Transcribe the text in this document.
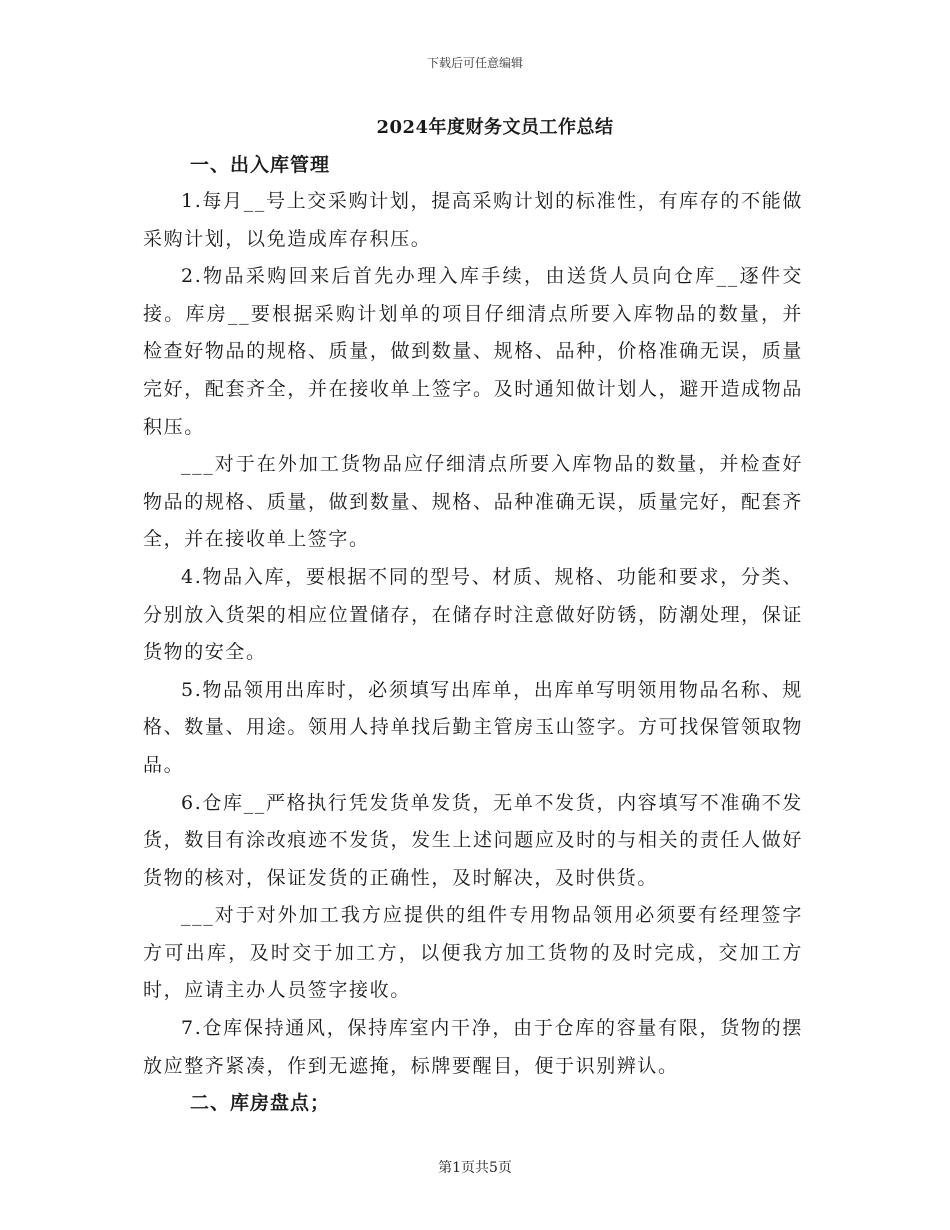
下载后可任意编辑
2024年度财务文员工作总结
一、出入库管理

1.每月__号上交采购计划，提高采购计划的标准性，有库存的不能做采购计划，以免造成库存积压。

2.物品采购回来后首先办理入库手续，由送货人员向仓库__逐件交接。库房__要根据采购计划单的项目仔细清点所要入库物品的数量，并检查好物品的规格、质量，做到数量、规格、品种，价格准确无误，质量完好，配套齐全，并在接收单上签字。及时通知做计划人，避开造成物品积压。

___对于在外加工货物品应仔细清点所要入库物品的数量，并检查好物品的规格、质量，做到数量、规格、品种准确无误，质量完好，配套齐全，并在接收单上签字。

4.物品入库，要根据不同的型号、材质、规格、功能和要求，分类、分别放入货架的相应位置储存，在储存时注意做好防锈，防潮处理，保证货物的安全。

5.物品领用出库时，必须填写出库单，出库单写明领用物品名称、规格、数量、用途。领用人持单找后勤主管房玉山签字。方可找保管领取物品。

6.仓库__严格执行凭发货单发货，无单不发货，内容填写不准确不发货，数目有涂改痕迹不发货，发生上述问题应及时的与相关的责任人做好货物的核对，保证发货的正确性，及时解决，及时供货。

___对于对外加工我方应提供的组件专用物品领用必须要有经理签字方可出库，及时交于加工方，以便我方加工货物的及时完成，交加工方时，应请主办人员签字接收。

7.仓库保持通风，保持库室内干净，由于仓库的容量有限，货物的摆放应整齐紧凑，作到无遮掩，标牌要醒目，便于识别辨认。

二、库房盘点；
第1页共5页
